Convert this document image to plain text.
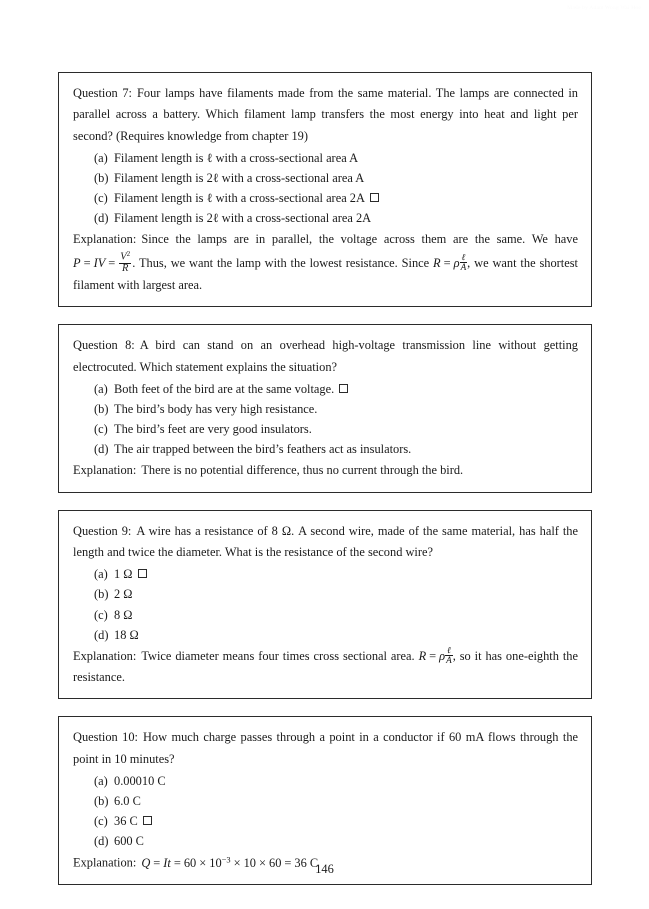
Made by Adam Wong Wai Hoe

Question 7: Four lamps have filaments made from the same material. The lamps are connected in parallel across a battery. Which filament lamp transfers the most energy into heat and light per second? (Requires knowledge from chapter 19)

(a) Filament length is ℓ with a cross-sectional area A
(b) Filament length is 2ℓ with a cross-sectional area A
(c) Filament length is ℓ with a cross-sectional area 2A
(d) Filament length is 2ℓ with a cross-sectional area 2A

Explanation: Since the lamps are in parallel, the voltage across them are the same. We have P = IV = $\frac{V^2}{R}$ . Thus, we want the lamp with the lowest resistance. Since R = ρ $\frac{\text{ℓ}}{A}$ , we want the shortest filament with largest area.

Question 8: A bird can stand on an overhead high-voltage transmission line without getting electrocuted. Which statement explains the situation?

(a) Both feet of the bird are at the same voltage.
(b) The bird’s body has very high resistance.
(c) The bird’s feet are very good insulators.
(d) The air trapped between the bird’s feathers act as insulators.

Explanation: There is no potential difference, thus no current through the bird.

Question 9: A wire has a resistance of 8 Ω. A second wire, made of the same material, has half the length and twice the diameter. What is the resistance of the second wire?

(a) 1 Ω
(b) 2 Ω
(c) 8 Ω
(d) 18 Ω

Explanation: Twice diameter means four times cross sectional area. R = ρ $\frac{\text{ℓ}}{A}$ , so it has one-eighth the resistance.

Question 10: How much charge passes through a point in a conductor if 60 mA flows through the point in 10 minutes?

(a) 0.00010 C
(b) 6.0 C
(c) 36 C
(d) 600 C

Explanation: $Q = It = 60 \times 10^{-3} \times 10 \times 60 = 36$ C

146
